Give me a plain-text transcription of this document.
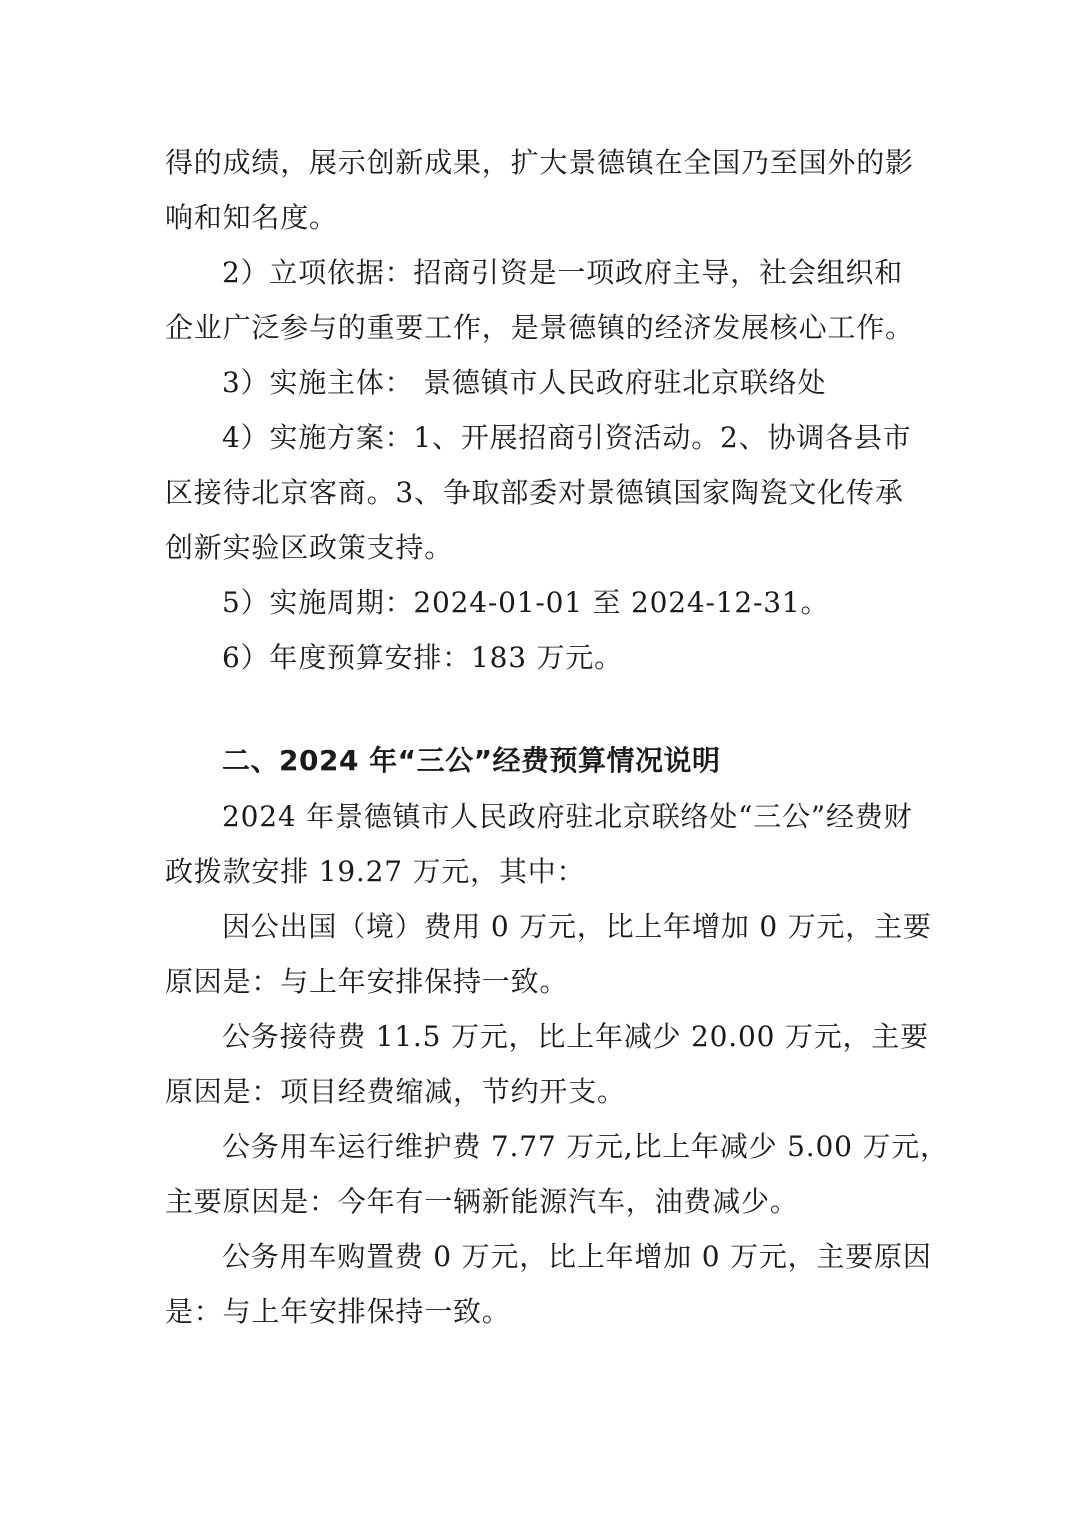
得的成绩，展示创新成果，扩大景德镇在全国乃至国外的影
响和知名度。
2）立项依据：招商引资是一项政府主导，社会组织和
企业广泛参与的重要工作，是景德镇的经济发展核心工作。
3）实施主体： 景德镇市人民政府驻北京联络处
4）实施方案：1、开展招商引资活动。2、协调各县市
区接待北京客商。3、争取部委对景德镇国家陶瓷文化传承
创新实验区政策支持。
5）实施周期：2024-01-01 至 2024-12-31。
6）年度预算安排：183 万元。
二、2024 年“三公”经费预算情况说明
2024 年景德镇市人民政府驻北京联络处“三公”经费财
政拨款安排 19.27 万元，其中：
因公出国（境）费用 0 万元，比上年增加 0 万元，主要
原因是：与上年安排保持一致。
公务接待费 11.5 万元，比上年减少 20.00 万元，主要
原因是：项目经费缩减，节约开支。
公务用车运行维护费 7.77 万元,比上年减少 5.00 万元，
主要原因是：今年有一辆新能源汽车，油费减少。
公务用车购置费 0 万元，比上年增加 0 万元，主要原因
是：与上年安排保持一致。
